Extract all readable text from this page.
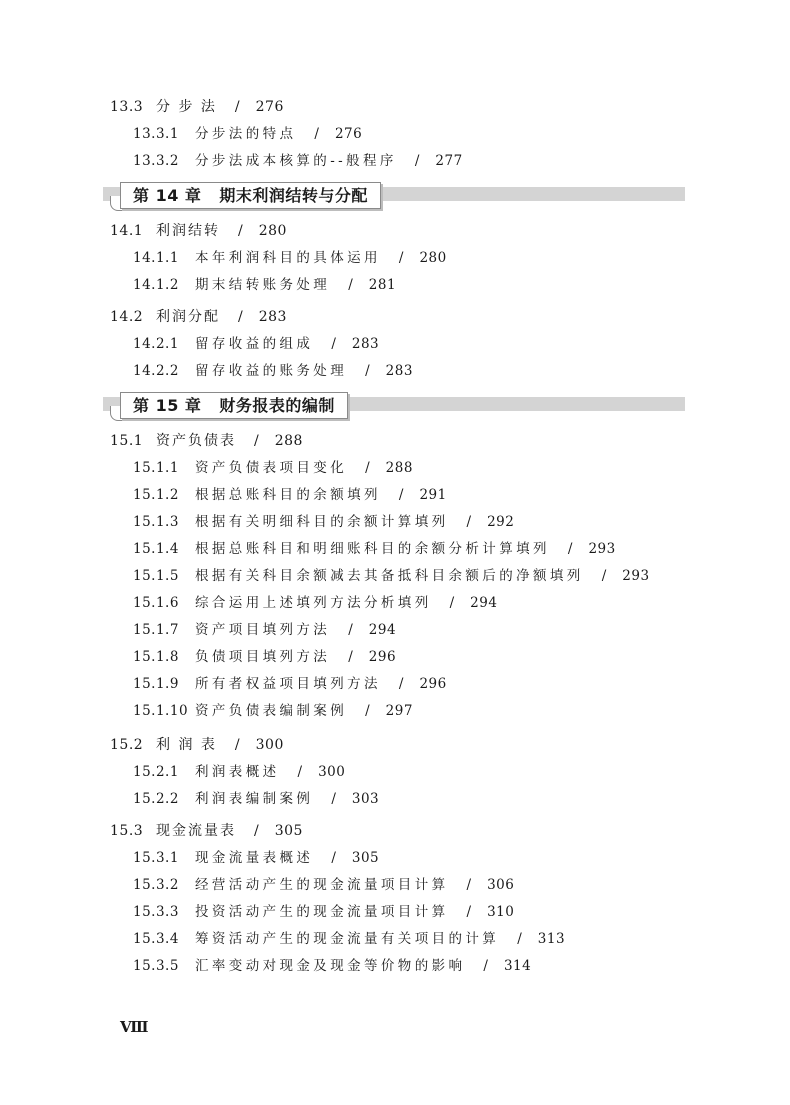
13.3 分 步 法 / 276
13.3.1 分步法的特点 / 276
13.3.2 分步法成本核算的--般程序 / 277
第 14 章 期末利润结转与分配
14.1 利润结转 / 280
14.1.1 本年利润科目的具体运用 / 280
14.1.2 期末结转账务处理 / 281
14.2 利润分配 / 283
14.2.1 留存收益的组成 / 283
14.2.2 留存收益的账务处理 / 283
第 15 章 财务报表的编制
15.1 资产负债表 / 288
15.1.1 资产负债表项目变化 / 288
15.1.2 根据总账科目的余额填列 / 291
15.1.3 根据有关明细科目的余额计算填列 / 292
15.1.4 根据总账科目和明细账科目的余额分析计算填列 / 293
15.1.5 根据有关科目余额减去其备抵科目余额后的净额填列 / 293
15.1.6 综合运用上述填列方法分析填列 / 294
15.1.7 资产项目填列方法 / 294
15.1.8 负债项目填列方法 / 296
15.1.9 所有者权益项目填列方法 / 296
15.1.10 资产负债表编制案例 / 297
15.2 利 润 表 / 300
15.2.1 利润表概述 / 300
15.2.2 利润表编制案例 / 303
15.3 现金流量表 / 305
15.3.1 现金流量表概述 / 305
15.3.2 经营活动产生的现金流量项目计算 / 306
15.3.3 投资活动产生的现金流量项目计算 / 310
15.3.4 筹资活动产生的现金流量有关项目的计算 / 313
15.3.5 汇率变动对现金及现金等价物的影响 / 314
Ⅷ
